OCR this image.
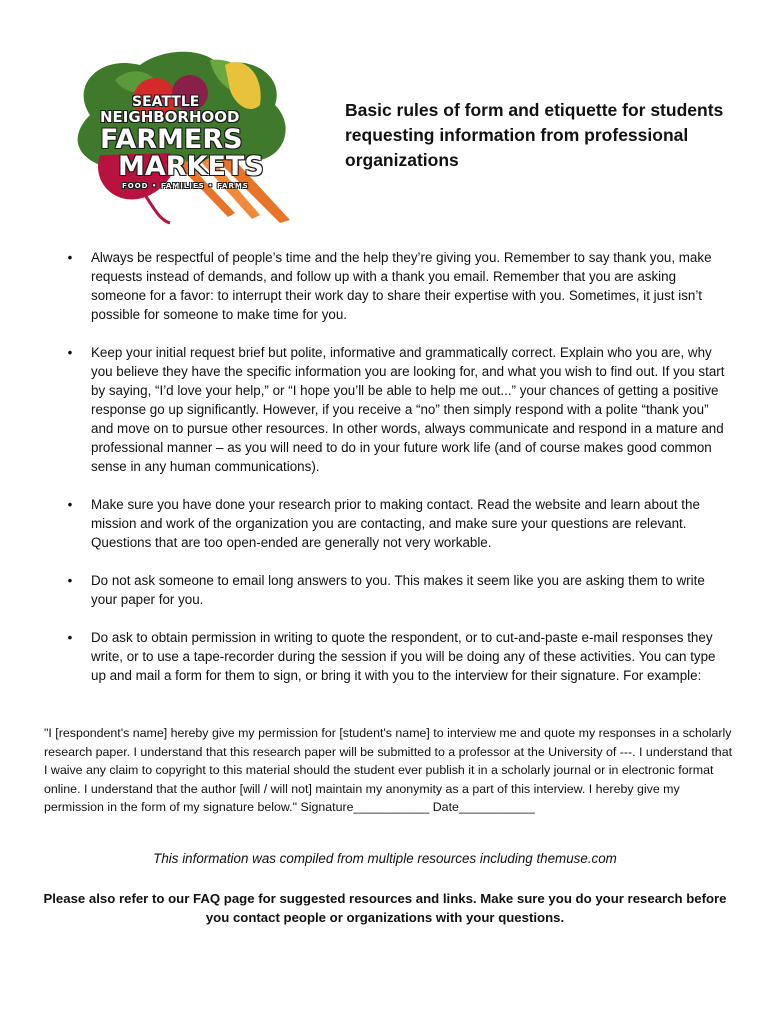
SEATTLE
NEIGHBORHOOD
FARMERS
MARKETS
FOOD • FAMILIES • FARMS
Basic rules of form and etiquette for students requesting information from professional organizations
• Always be respectful of people’s time and the help they’re giving you. Remember to say thank you, make requests instead of demands, and follow up with a thank you email. Remember that you are asking someone for a favor: to interrupt their work day to share their expertise with you. Sometimes, it just isn’t possible for someone to make time for you.
• Keep your initial request brief but polite, informative and grammatically correct. Explain who you are, why you believe they have the specific information you are looking for, and what you wish to find out. If you start by saying, “I’d love your help,” or “I hope you’ll be able to help me out...” your chances of getting a positive response go up significantly. However, if you receive a “no” then simply respond with a polite “thank you” and move on to pursue other resources. In other words, always communicate and respond in a mature and professional manner – as you will need to do in your future work life (and of course makes good common sense in any human communications).
• Make sure you have done your research prior to making contact. Read the website and learn about the mission and work of the organization you are contacting, and make sure your questions are relevant. Questions that are too open-ended are generally not very workable.
• Do not ask someone to email long answers to you. This makes it seem like you are asking them to write your paper for you.
• Do ask to obtain permission in writing to quote the respondent, or to cut-and-paste e-mail responses they write, or to use a tape-recorder during the session if you will be doing any of these activities. You can type up and mail a form for them to sign, or bring it with you to the interview for their signature. For example:
"I [respondent's name] hereby give my permission for [student's name] to interview me and quote my responses in a scholarly research paper. I understand that this research paper will be submitted to a professor at the University of ---. I understand that I waive any claim to copyright to this material should the student ever publish it in a scholarly journal or in electronic format online. I understand that the author [will / will not] maintain my anonymity as a part of this interview. I hereby give my permission in the form of my signature below." Signature___________ Date___________
This information was compiled from multiple resources including themuse.com
Please also refer to our FAQ page for suggested resources and links. Make sure you do your research before you contact people or organizations with your questions.
